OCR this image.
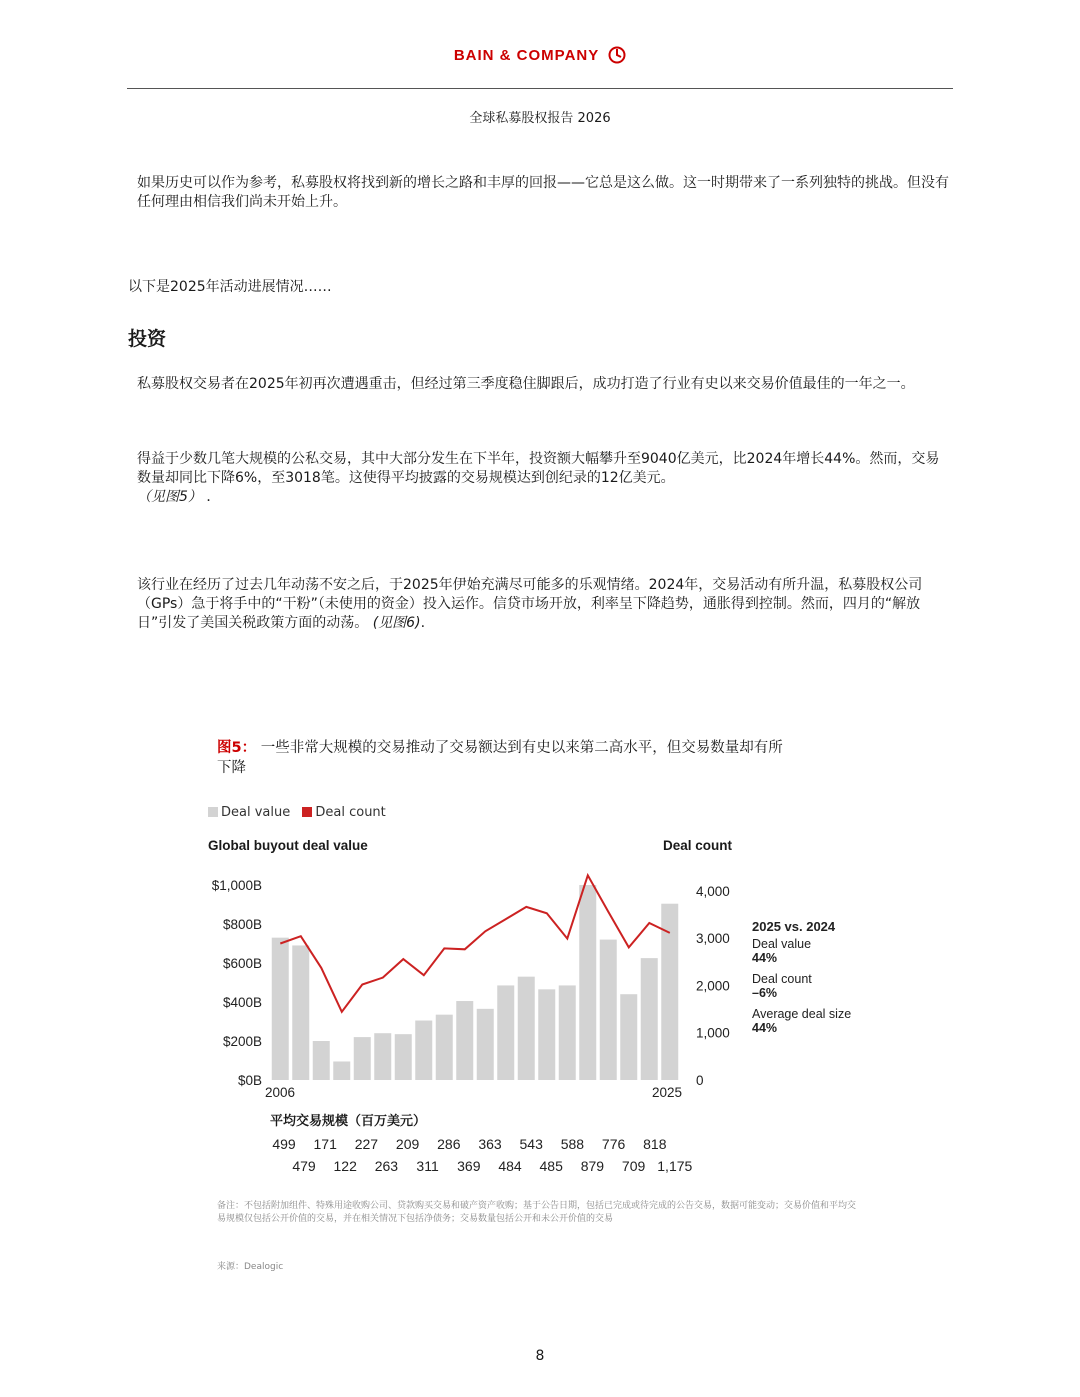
BAIN & COMPANY
全球私募股权报告 2026
如果历史可以作为参考，私募股权将找到新的增长之路和丰厚的回报——它总是这么做。这一时期带来了一系列独特的挑战。但没有任何理由相信我们尚未开始上升。
以下是2025年活动进展情况……
投资
私募股权交易者在2025年初再次遭遇重击，但经过第三季度稳住脚跟后，成功打造了行业有史以来交易价值最佳的一年之一。
得益于少数几笔大规模的公私交易，其中大部分发生在下半年，投资额大幅攀升至9040亿美元，比2024年增长44%。然而，交易数量却同比下降6%，至3018笔。这使得平均披露的交易规模达到创纪录的12亿美元。
（见图5） ．
该行业在经历了过去几年动荡不安之后，于2025年伊始充满尽可能多的乐观情绪。2024年，交易活动有所升温，私募股权公司（GPs）急于将手中的“干粉”（未使用的资金）投入运作。信贷市场开放，利率呈下降趋势，通胀得到控制。然而，四月的“解放日”引发了美国关税政策方面的动荡。 (见图6).
图5： 一些非常大规模的交易推动了交易额达到有史以来第二高水平，但交易数量却有所下降
Deal value Deal count
Global buyout deal value	Deal count
$0B
$200B
$400B
$600B
$800B
$1,000B
0
1,000
2,000
3,000
4,000
2006	2025
2025 vs. 2024
Deal value
44%
Deal count
–6%
Average deal size
44%
平均交易规模（百万美元）
499 171 227 209 286 363 543 588 776 818
479 122 263 311 369 484 485 879 709 1,175
备注：不包括附加组件、特殊用途收购公司、贷款购买交易和破产资产收购；基于公告日期，包括已完成或待完成的公告交易，数据可能变动；交易价值和平均交易规模仅包括公开价值的交易，并在相关情况下包括净债务；交易数量包括公开和未公开价值的交易
来源：Dealogic
8
